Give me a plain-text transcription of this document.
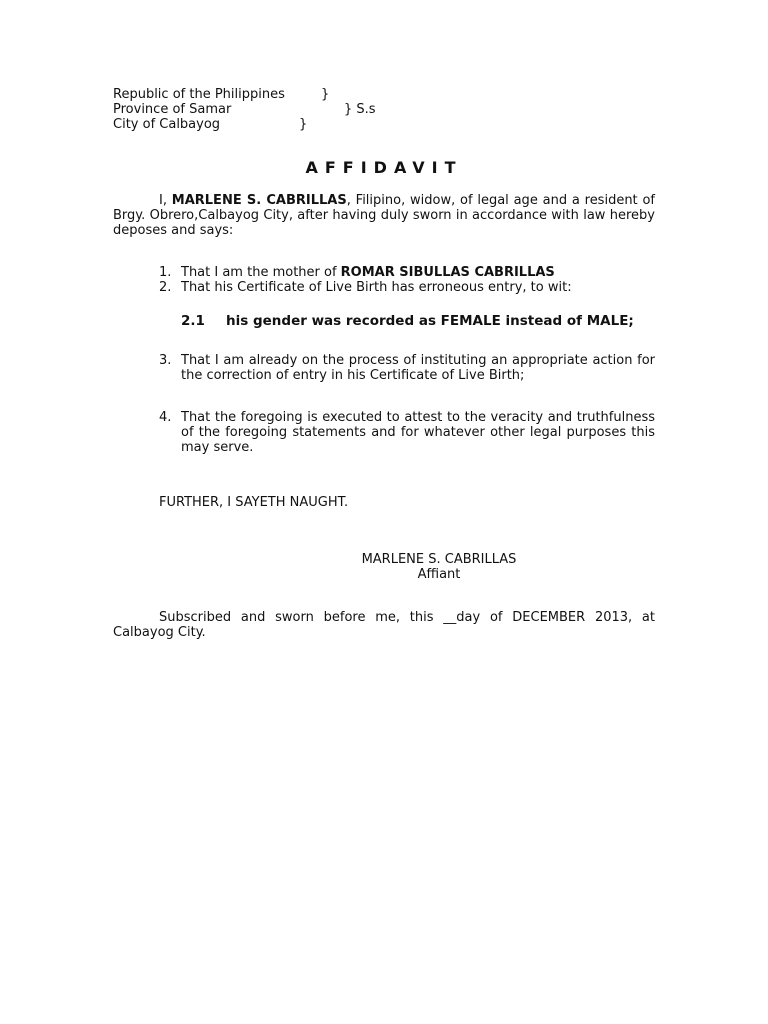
Republic of the Philippines	}
Province of Samar	} S.s
City of Calbayog	}
AFFIDAVIT
I, MARLENE S. CABRILLAS, Filipino, widow, of legal age and a resident of Brgy. Obrero,Calbayog City, after having duly sworn in accordance with law hereby deposes and says:
1. That I am the mother of ROMAR SIBULLAS CABRILLAS
2. That his Certificate of Live Birth has erroneous entry, to wit:
2.1 his gender was recorded as FEMALE instead of MALE;
3. That I am already on the process of instituting an appropriate action for the correction of entry in his Certificate of Live Birth;
4. That the foregoing is executed to attest to the veracity and truthfulness of the foregoing statements and for whatever other legal purposes this may serve.
FURTHER, I SAYETH NAUGHT.
MARLENE S. CABRILLAS
Affiant
Subscribed and sworn before me, this __day of DECEMBER 2013, at Calbayog City.
